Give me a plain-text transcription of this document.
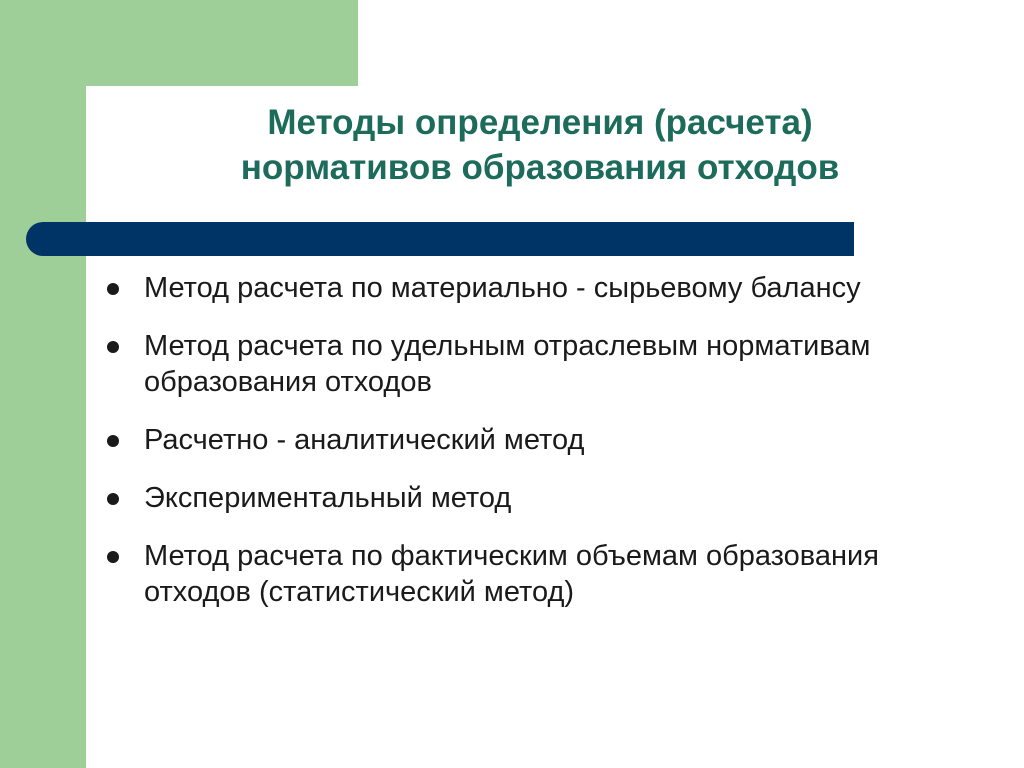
Методы определения (расчета)
нормативов образования отходов
Метод расчета по материально - сырьевому балансу
Метод расчета по удельным отраслевым нормативам образования отходов
Расчетно - аналитический метод
Экспериментальный метод
Метод расчета по фактическим объемам образования отходов (статистический метод)
